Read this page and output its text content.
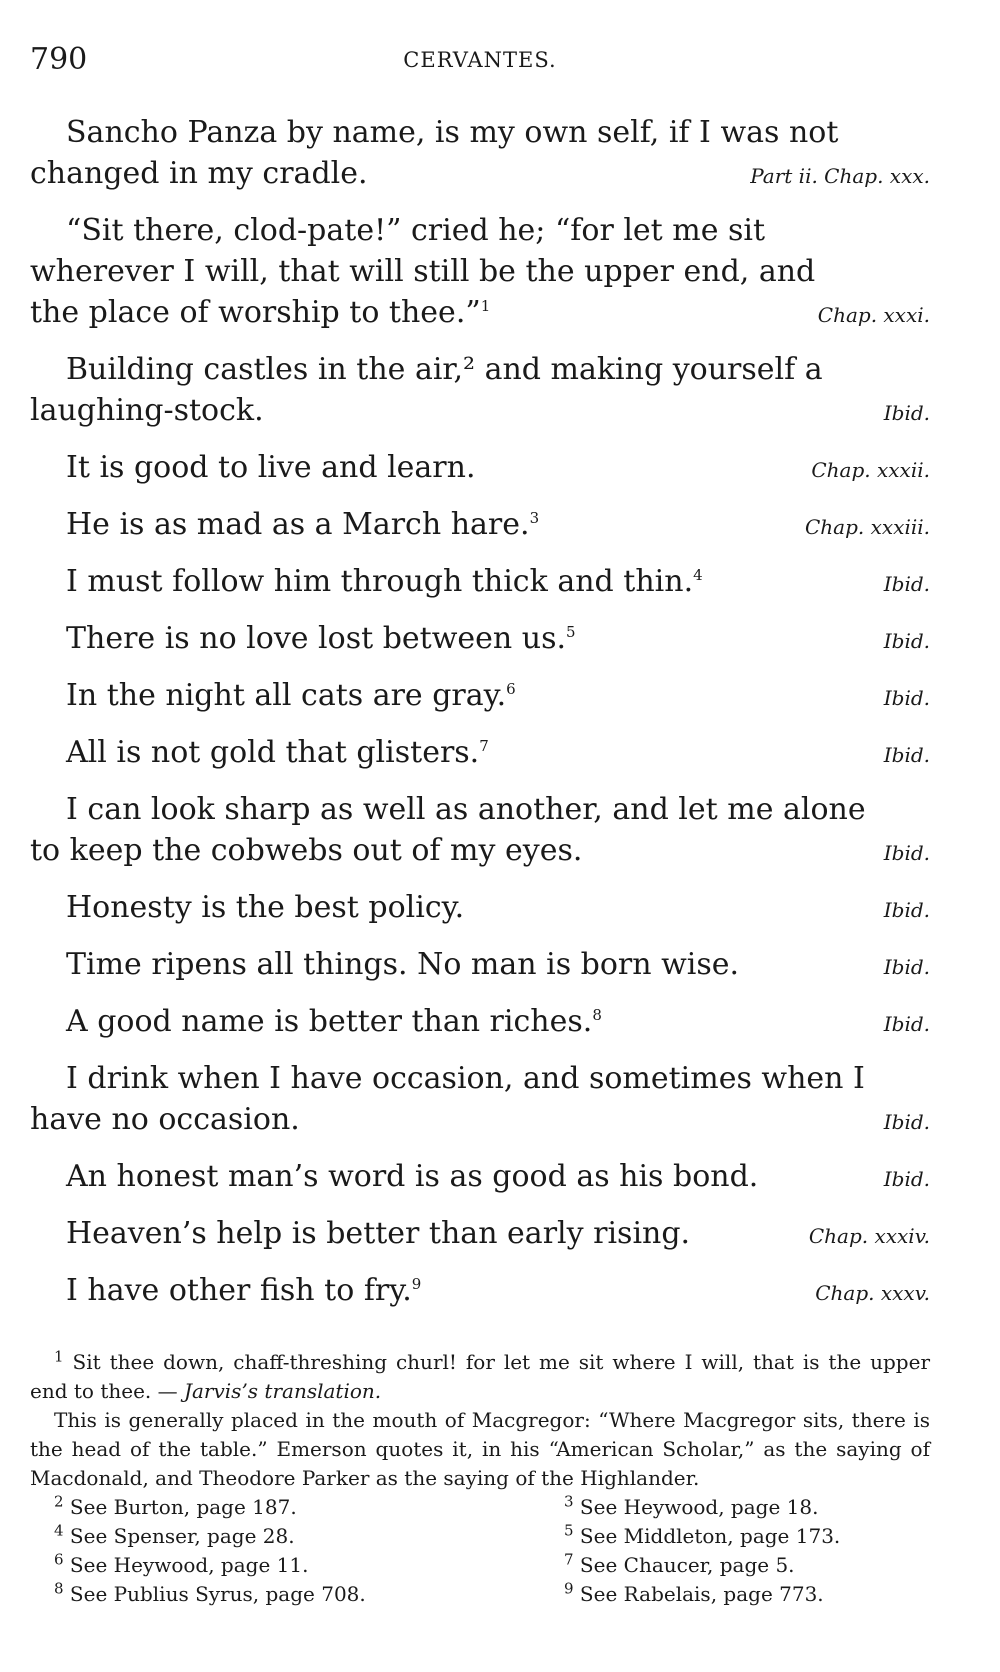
790	CERVANTES.
Sancho Panza by name, is my own self, if I was not
changed in my cradle.	Part ii. Chap. xxx.
“Sit there, clod-pate!” cried he; “for let me sit
wherever I will, that will still be the upper end, and
the place of worship to thee.”$^1$	Chap. xxxi.
Building castles in the air,² and making yourself a
laughing-stock.	Ibid.
It is good to live and learn.	Chap. xxxii.
He is as mad as a March hare.$^3$	Chap. xxxiii.
I must follow him through thick and thin.$^4$	Ibid.
There is no love lost between us.$^5$	Ibid.
In the night all cats are gray.$^6$	Ibid.
All is not gold that glisters.$^7$	Ibid.
I can look sharp as well as another, and let me alone
to keep the cobwebs out of my eyes.	Ibid.
Honesty is the best policy.	Ibid.
Time ripens all things. No man is born wise.	Ibid.
A good name is better than riches.$^8$	Ibid.
I drink when I have occasion, and sometimes when I
have no occasion.	Ibid.
An honest man’s word is as good as his bond.	Ibid.
Heaven’s help is better than early rising.	Chap. xxxiv.
I have other fish to fry.$^9$	Chap. xxxv.

$^1$ Sit thee down, chaff-threshing churl! for let me sit where I will, that is the upper end to thee. — Jarvis’s translation.

This is generally placed in the mouth of Macgregor: “Where Macgregor sits, there is the head of the table.” Emerson quotes it, in his “American Scholar,” as the saying of Macdonald, and Theodore Parker as the saying of the Highlander.

$^2$ See Burton, page 187.	$^3$ See Heywood, page 18.
$^4$ See Spenser, page 28.	$^5$ See Middleton, page 173.
$^6$ See Heywood, page 11.	$^7$ See Chaucer, page 5.
$^8$ See Publius Syrus, page 708.	$^9$ See Rabelais, page 773.
